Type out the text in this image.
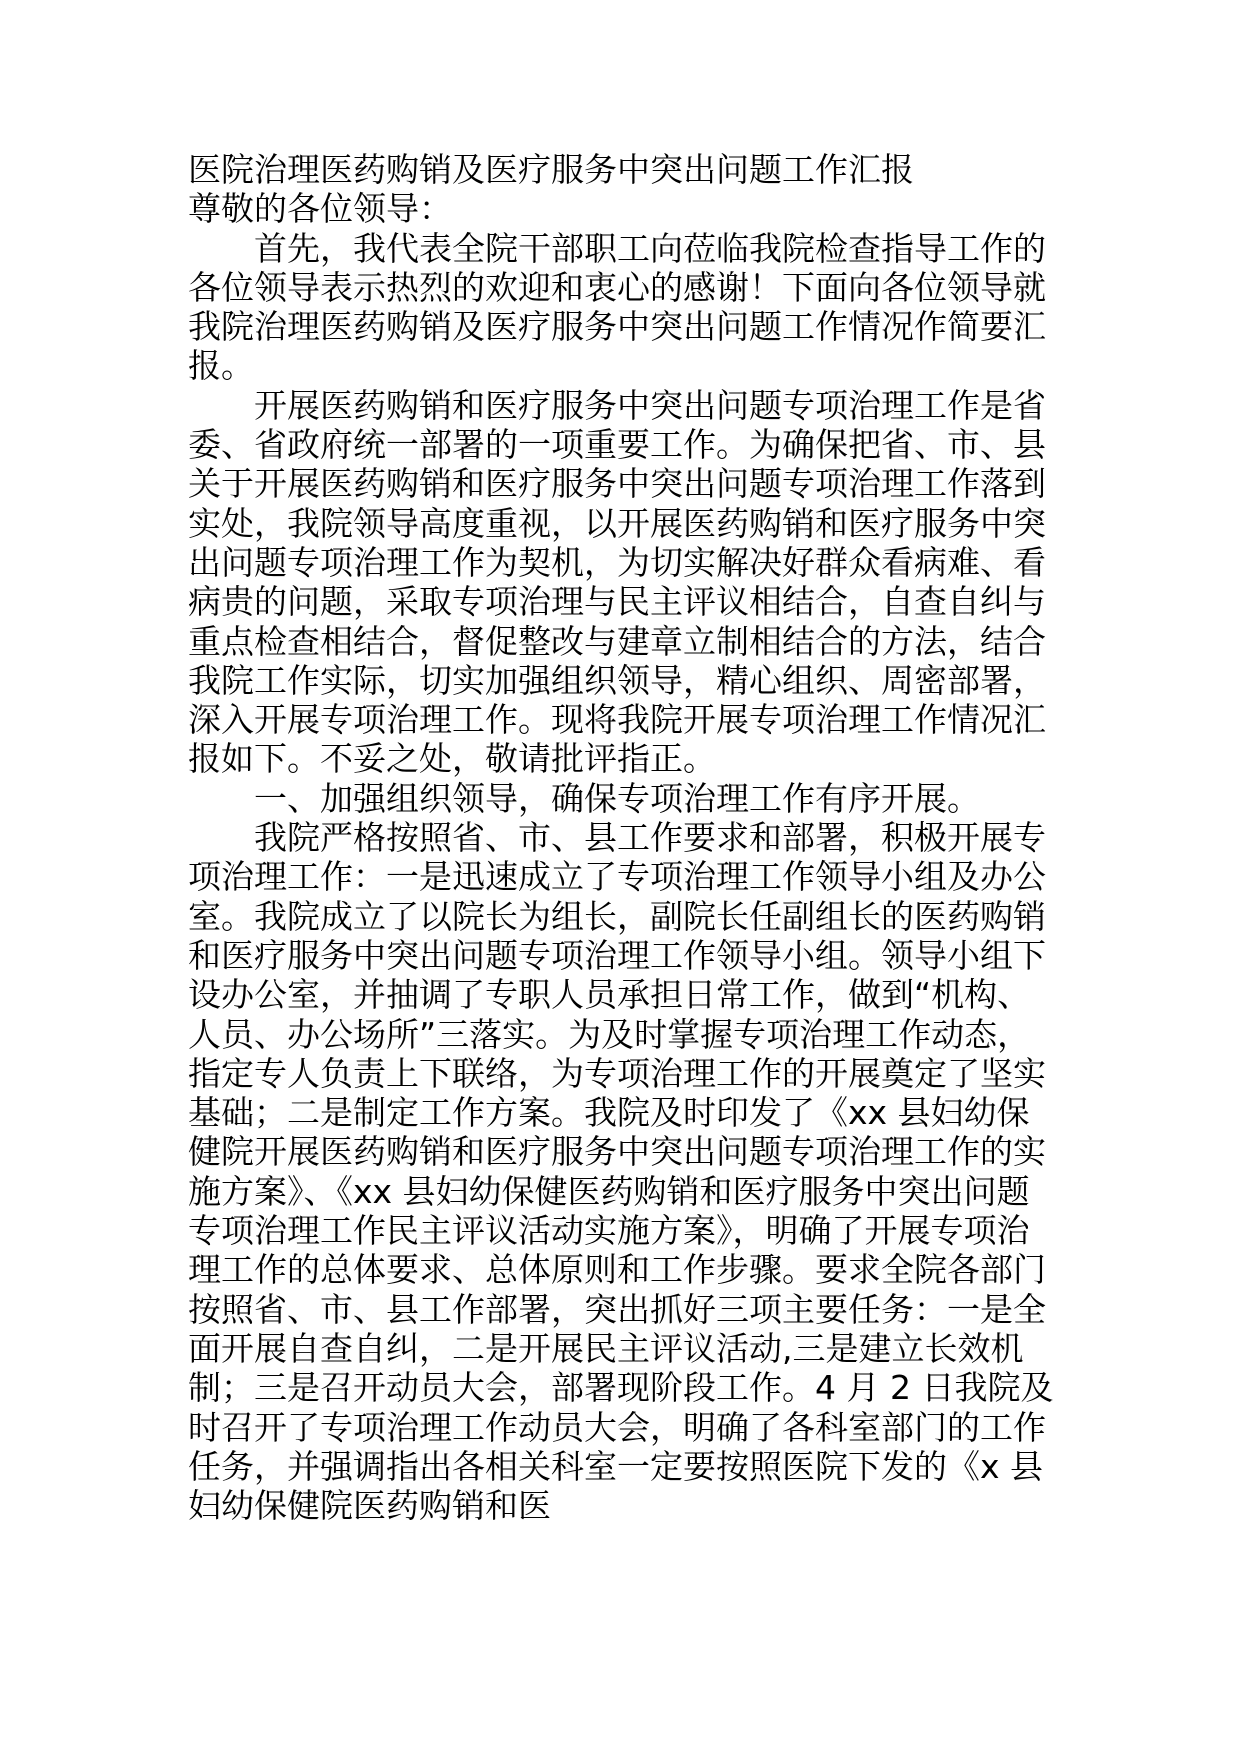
医院治理医药购销及医疗服务中突出问题工作汇报

尊敬的各位领导：

首先，我代表全院干部职工向莅临我院检查指导工作的各位领导表示热烈的欢迎和衷心的感谢！下面向各位领导就我院治理医药购销及医疗服务中突出问题工作情况作简要汇报。

开展医药购销和医疗服务中突出问题专项治理工作是省委、省政府统一部署的一项重要工作。为确保把省、市、县关于开展医药购销和医疗服务中突出问题专项治理工作落到实处，我院领导高度重视，以开展医药购销和医疗服务中突出问题专项治理工作为契机，为切实解决好群众看病难、看病贵的问题，采取专项治理与民主评议相结合，自查自纠与重点检查相结合，督促整改与建章立制相结合的方法，结合我院工作实际，切实加强组织领导，精心组织、周密部署，深入开展专项治理工作。现将我院开展专项治理工作情况汇报如下。不妥之处，敬请批评指正。

一、加强组织领导，确保专项治理工作有序开展。

我院严格按照省、市、县工作要求和部署，积极开展专项治理工作：一是迅速成立了专项治理工作领导小组及办公室。我院成立了以院长为组长，副院长任副组长的医药购销和医疗服务中突出问题专项治理工作领导小组。领导小组下设办公室，并抽调了专职人员承担日常工作，做到“机构、人员、办公场所”三落实。为及时掌握专项治理工作动态，指定专人负责上下联络，为专项治理工作的开展奠定了坚实基础；二是制定工作方案。我院及时印发了《xx 县妇幼保健院开展医药购销和医疗服务中突出问题专项治理工作的实施方案》、《xx 县妇幼保健医药购销和医疗服务中突出问题专项治理工作民主评议活动实施方案》，明确了开展专项治理工作的总体要求、总体原则和工作步骤。要求全院各部门按照省、市、县工作部署，突出抓好三项主要任务：一是全面开展自查自纠，二是开展民主评议活动,三是建立长效机制；三是召开动员大会，部署现阶段工作。4 月 2 日我院及时召开了专项治理工作动员大会，明确了各科室部门的工作任务，并强调指出各相关科室一定要按照医院下发的《x 县妇幼保健院医药购销和医
